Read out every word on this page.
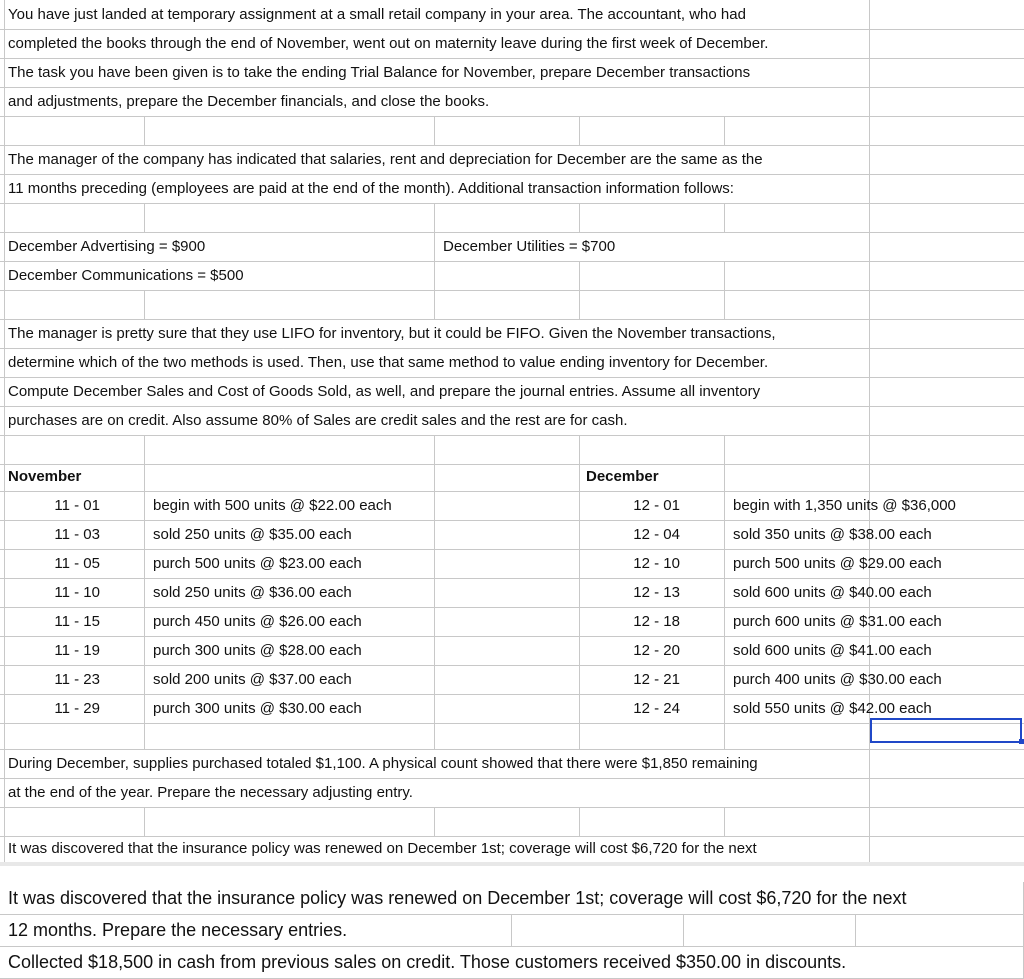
You have just landed at temporary assignment at a small retail company in your area. The accountant, who had
completed the books through the end of November, went out on maternity leave during the first week of December.
The task you have been given is to take the ending Trial Balance for November, prepare December transactions
and adjustments, prepare the December financials, and close the books.
The manager of the company has indicated that salaries, rent and depreciation for December are the same as the
11 months preceding (employees are paid at the end of the month). Additional transaction information follows:
December Advertising = $900	December Utilities = $700
December Communications = $500
The manager is pretty sure that they use LIFO for inventory, but it could be FIFO. Given the November transactions,
determine which of the two methods is used. Then, use that same method to value ending inventory for December.
Compute December Sales and Cost of Goods Sold, as well, and prepare the journal entries. Assume all inventory
purchases are on credit. Also assume 80% of Sales are credit sales and the rest are for cash.
November	December
11 - 01	begin with 500 units @ $22.00 each	12 - 01	begin with 1,350 units @ $36,000
11 - 03	sold 250 units @ $35.00 each	12 - 04	sold 350 units @ $38.00 each
11 - 05	purch 500 units @ $23.00 each	12 - 10	purch 500 units @ $29.00 each
11 - 10	sold 250 units @ $36.00 each	12 - 13	sold 600 units @ $40.00 each
11 - 15	purch 450 units @ $26.00 each	12 - 18	purch 600 units @ $31.00 each
11 - 19	purch 300 units @ $28.00 each	12 - 20	sold 600 units @ $41.00 each
11 - 23	sold 200 units @ $37.00 each	12 - 21	purch 400 units @ $30.00 each
11 - 29	purch 300 units @ $30.00 each	12 - 24	sold 550 units @ $42.00 each
During December, supplies purchased totaled $1,100. A physical count showed that there were $1,850 remaining
at the end of the year. Prepare the necessary adjusting entry.
It was discovered that the insurance policy was renewed on December 1st; coverage will cost $6,720 for the next
It was discovered that the insurance policy was renewed on December 1st; coverage will cost $6,720 for the next
12 months. Prepare the necessary entries.
Collected $18,500 in cash from previous sales on credit. Those customers received $350.00 in discounts.
